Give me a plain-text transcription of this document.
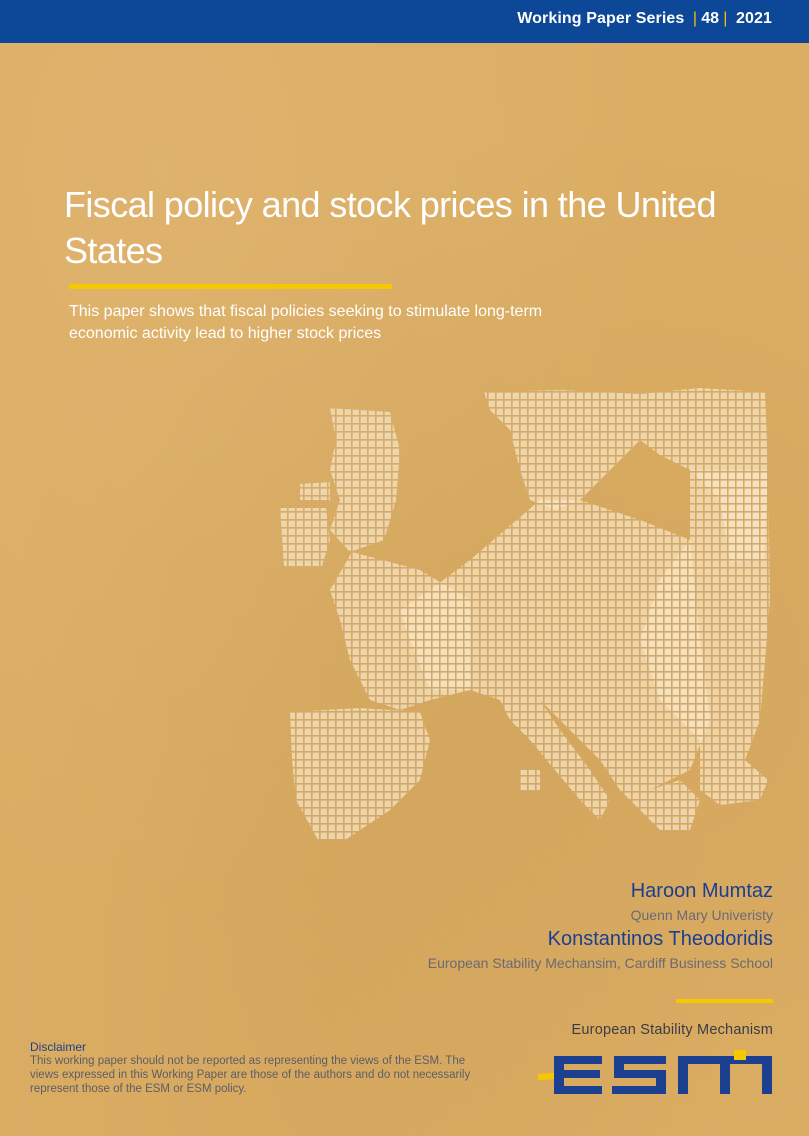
Working Paper Series | 48 | 2021
Fiscal policy and stock prices in the United States

This paper shows that fiscal policies seeking to stimulate long-term economic activity lead to higher stock prices

Haroon Mumtaz
Quenn Mary Univeristy
Konstantinos Theodoridis
European Stability Mechansim, Cardiff Business School
European Stability Mechanism
Disclaimer
This working paper should not be reported as representing the views of the ESM. The views expressed in this Working Paper are those of the authors and do not necessarily represent those of the ESM or ESM policy.
